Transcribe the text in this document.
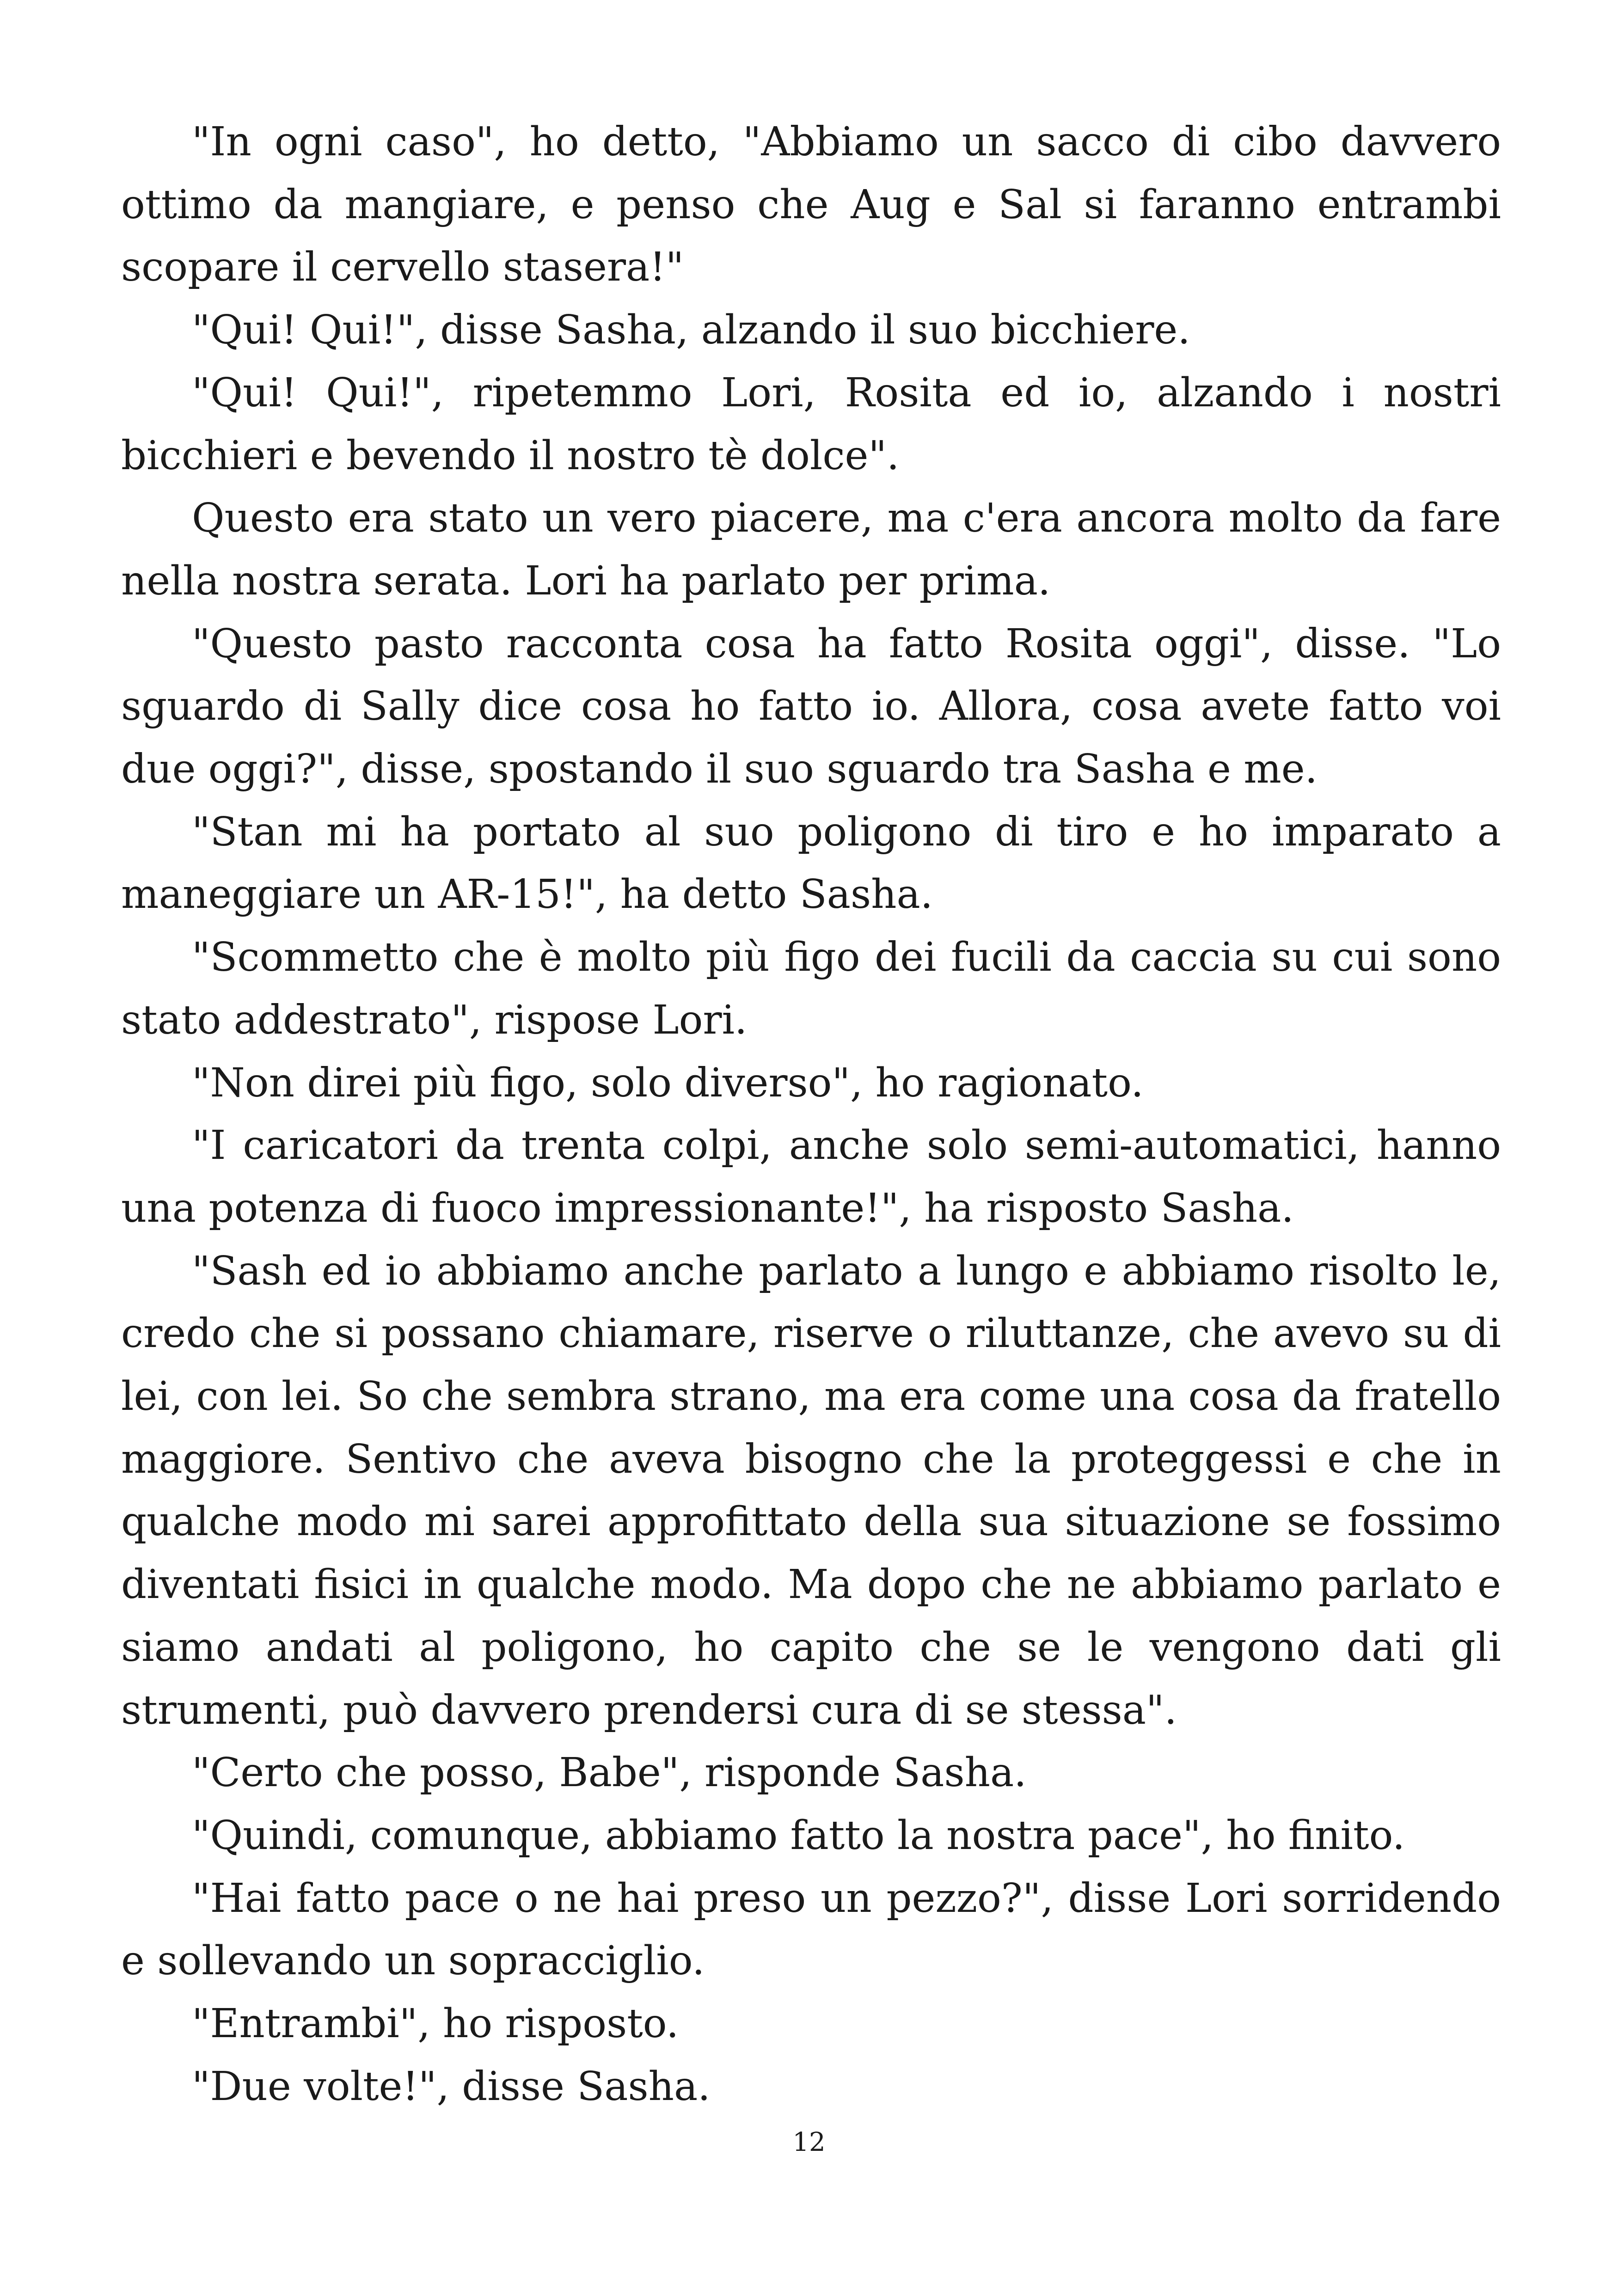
"In ogni caso", ho detto, "Abbiamo un sacco di cibo davvero ottimo da mangiare, e penso che Aug e Sal si faranno entrambi scopare il cervello stasera!"

"Qui! Qui!", disse Sasha, alzando il suo bicchiere.

"Qui! Qui!", ripetemmo Lori, Rosita ed io, alzando i nostri bicchieri e bevendo il nostro tè dolce".

Questo era stato un vero piacere, ma c'era ancora molto da fare nella nostra serata. Lori ha parlato per prima.

"Questo pasto racconta cosa ha fatto Rosita oggi", disse. "Lo sguardo di Sally dice cosa ho fatto io. Allora, cosa avete fatto voi due oggi?", disse, spostando il suo sguardo tra Sasha e me.

"Stan mi ha portato al suo poligono di tiro e ho imparato a maneggiare un AR-15!", ha detto Sasha.

"Scommetto che è molto più figo dei fucili da caccia su cui sono stato addestrato", rispose Lori.

"Non direi più figo, solo diverso", ho ragionato.

"I caricatori da trenta colpi, anche solo semi-automatici, hanno una potenza di fuoco impressionante!", ha risposto Sasha.

"Sash ed io abbiamo anche parlato a lungo e abbiamo risolto le, credo che si possano chiamare, riserve o riluttanze, che avevo su di lei, con lei. So che sembra strano, ma era come una cosa da fratello maggiore. Sentivo che aveva bisogno che la proteggessi e che in qualche modo mi sarei approfittato della sua situazione se fossimo diventati fisici in qualche modo. Ma dopo che ne abbiamo parlato e siamo andati al poligono, ho capito che se le vengono dati gli strumenti, può davvero prendersi cura di se stessa".

"Certo che posso, Babe", risponde Sasha.

"Quindi, comunque, abbiamo fatto la nostra pace", ho finito.

"Hai fatto pace o ne hai preso un pezzo?", disse Lori sorridendo e sollevando un sopracciglio.

"Entrambi", ho risposto.

"Due volte!", disse Sasha.

12
